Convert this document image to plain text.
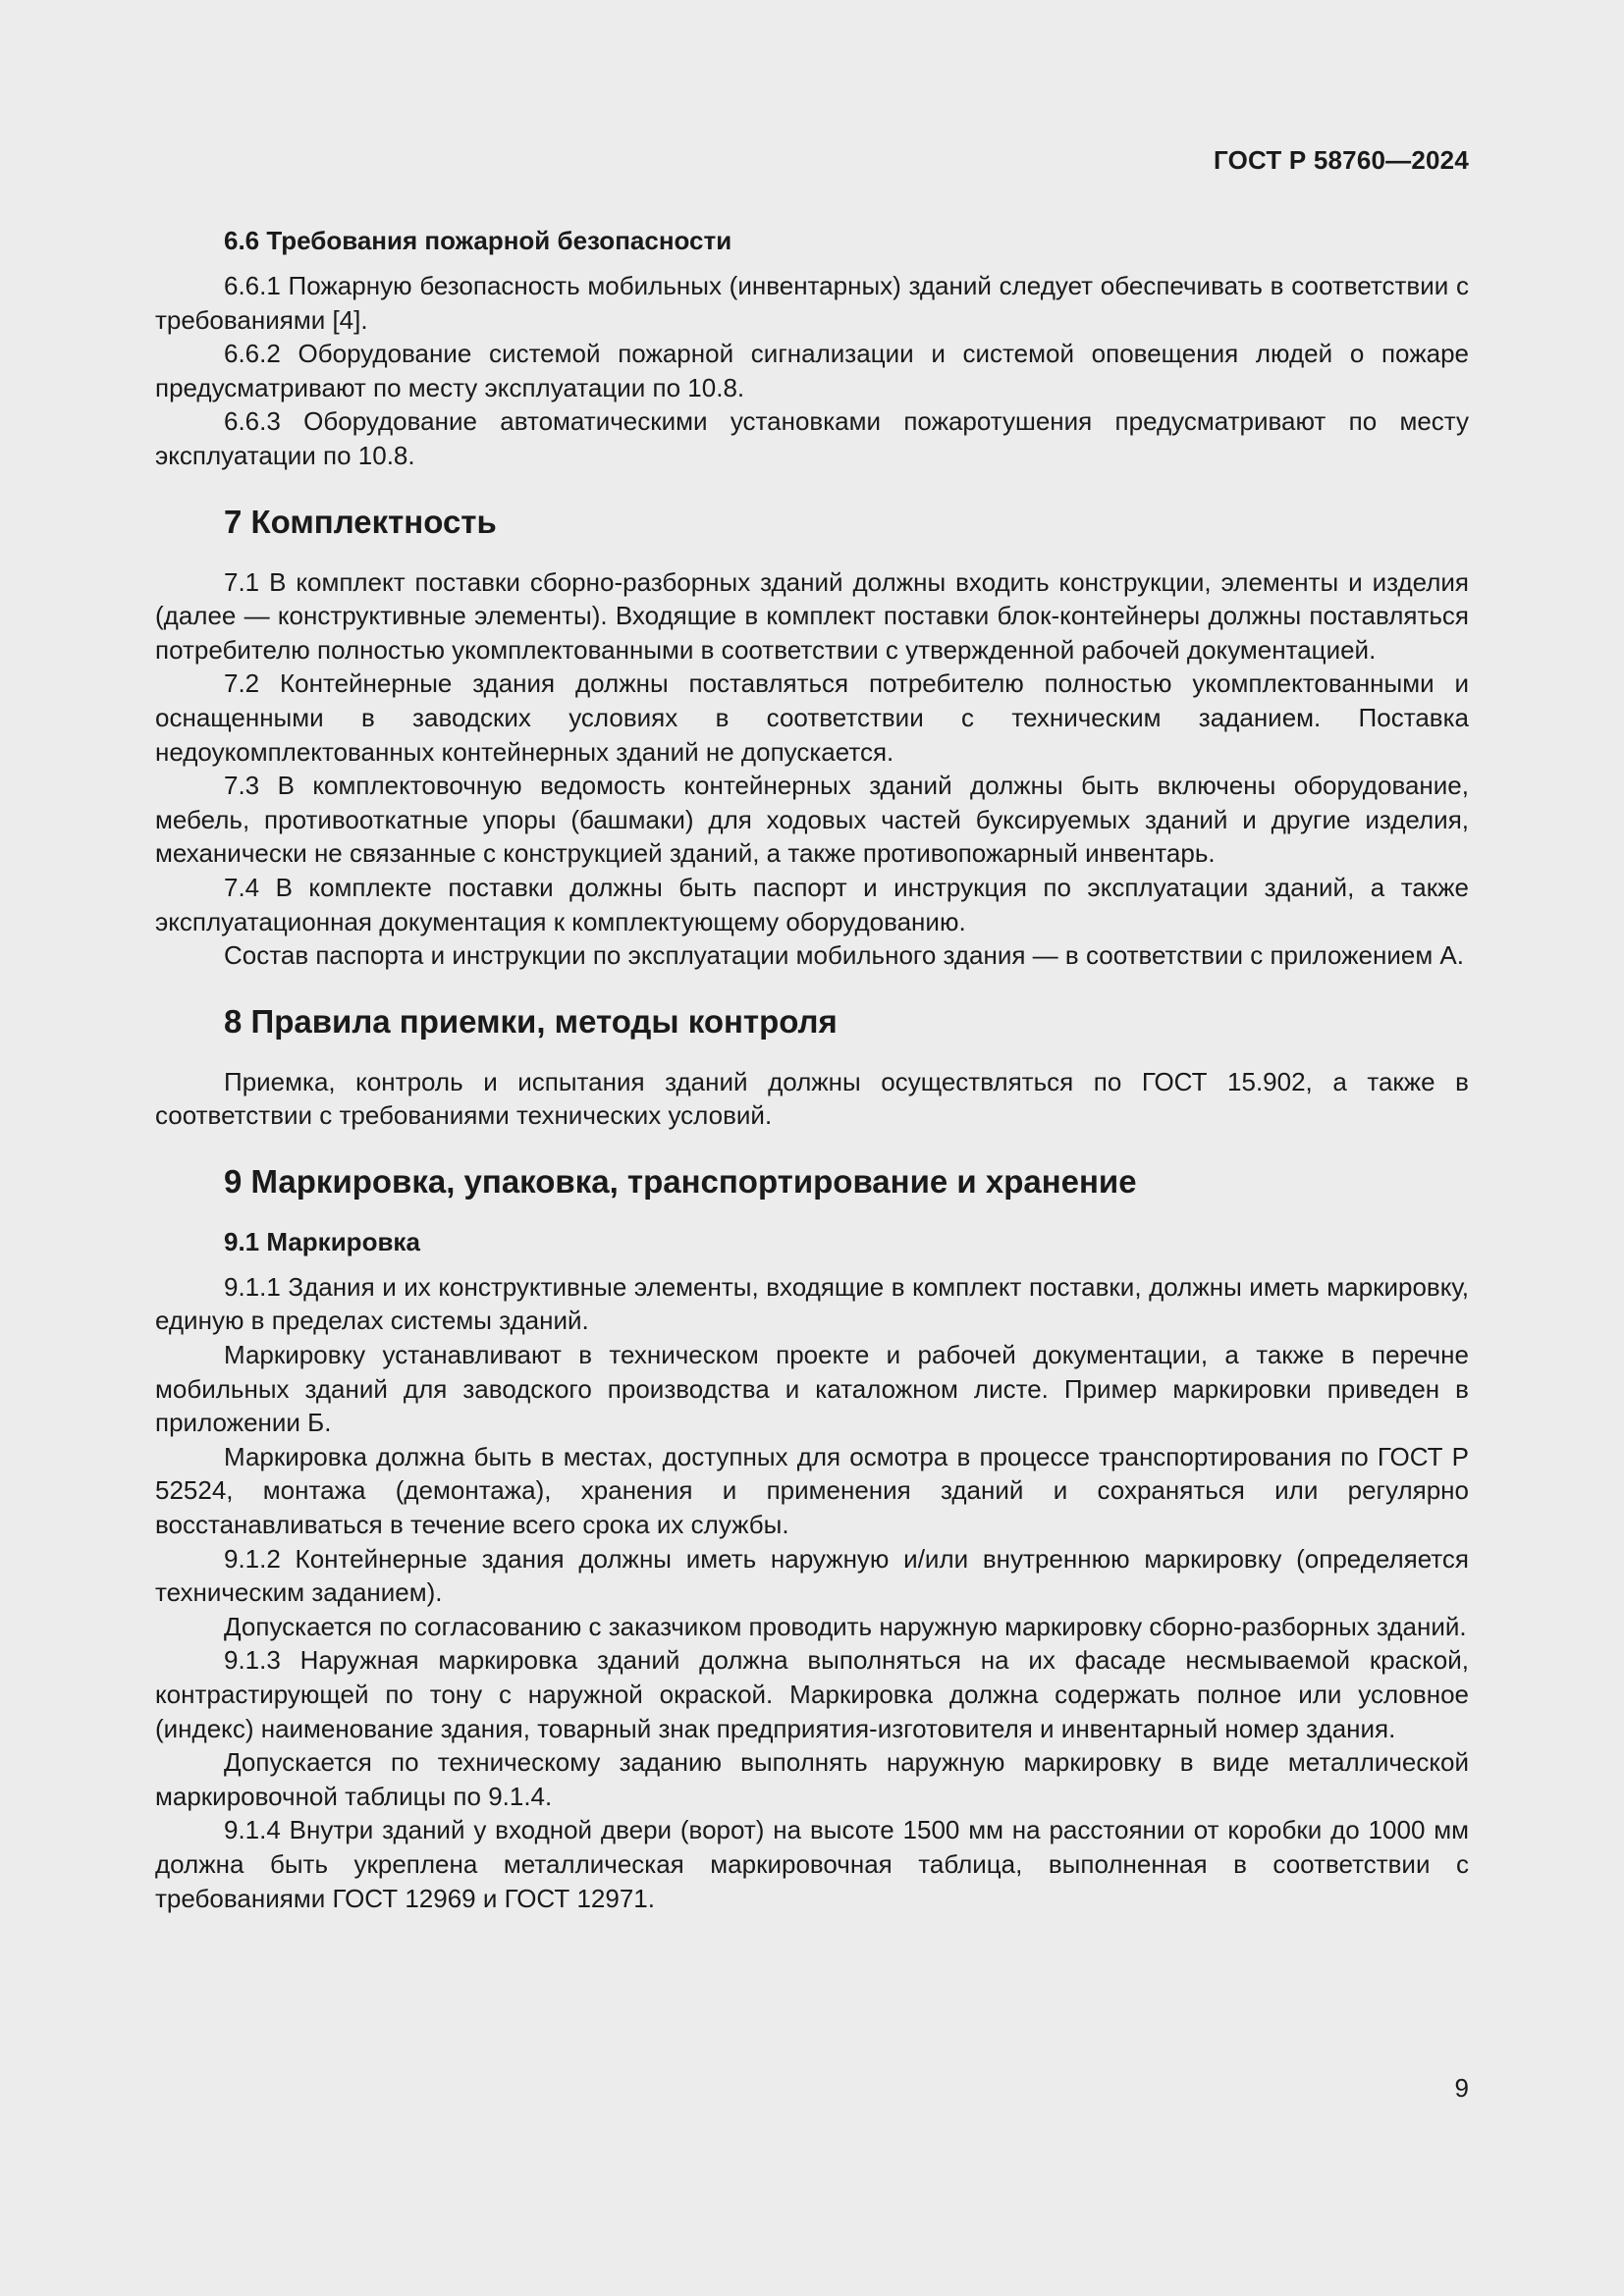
ГОСТ Р 58760—2024
6.6 Требования пожарной безопасности

6.6.1 Пожарную безопасность мобильных (инвентарных) зданий следует обеспечивать в соответствии с требованиями [4].

6.6.2 Оборудование системой пожарной сигнализации и системой оповещения людей о пожаре предусматривают по месту эксплуатации по 10.8.

6.6.3 Оборудование автоматическими установками пожаротушения предусматривают по месту эксплуатации по 10.8.

7 Комплектность

7.1 В комплект поставки сборно-разборных зданий должны входить конструкции, элементы и изделия (далее — конструктивные элементы). Входящие в комплект поставки блок-контейнеры должны поставляться потребителю полностью укомплектованными в соответствии с утвержденной рабочей документацией.

7.2 Контейнерные здания должны поставляться потребителю полностью укомплектованными и оснащенными в заводских условиях в соответствии с техническим заданием. Поставка недоукомплектованных контейнерных зданий не допускается.

7.3 В комплектовочную ведомость контейнерных зданий должны быть включены оборудование, мебель, противооткатные упоры (башмаки) для ходовых частей буксируемых зданий и другие изделия, механически не связанные с конструкцией зданий, а также противопожарный инвентарь.

7.4 В комплекте поставки должны быть паспорт и инструкция по эксплуатации зданий, а также эксплуатационная документация к комплектующему оборудованию.

Состав паспорта и инструкции по эксплуатации мобильного здания — в соответствии с приложением А.

8 Правила приемки, методы контроля

Приемка, контроль и испытания зданий должны осуществляться по ГОСТ 15.902, а также в соответствии с требованиями технических условий.

9 Маркировка, упаковка, транспортирование и хранение
9.1 Маркировка

9.1.1 Здания и их конструктивные элементы, входящие в комплект поставки, должны иметь маркировку, единую в пределах системы зданий.

Маркировку устанавливают в техническом проекте и рабочей документации, а также в перечне мобильных зданий для заводского производства и каталожном листе. Пример маркировки приведен в приложении Б.

Маркировка должна быть в местах, доступных для осмотра в процессе транспортирования по ГОСТ Р 52524, монтажа (демонтажа), хранения и применения зданий и сохраняться или регулярно восстанавливаться в течение всего срока их службы.

9.1.2 Контейнерные здания должны иметь наружную и/или внутреннюю маркировку (определяется техническим заданием).

Допускается по согласованию с заказчиком проводить наружную маркировку сборно-разборных зданий.

9.1.3 Наружная маркировка зданий должна выполняться на их фасаде несмываемой краской, контрастирующей по тону с наружной окраской. Маркировка должна содержать полное или условное (индекс) наименование здания, товарный знак предприятия-изготовителя и инвентарный номер здания.

Допускается по техническому заданию выполнять наружную маркировку в виде металлической маркировочной таблицы по 9.1.4.

9.1.4 Внутри зданий у входной двери (ворот) на высоте 1500 мм на расстоянии от коробки до 1000 мм должна быть укреплена металлическая маркировочная таблица, выполненная в соответствии с требованиями ГОСТ 12969 и ГОСТ 12971.

9
